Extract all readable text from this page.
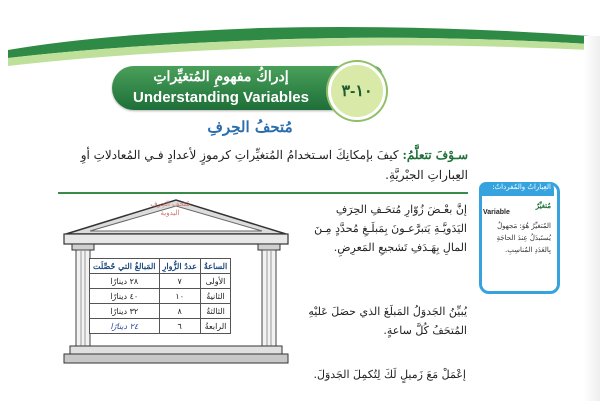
إدراكُ مفهومِ المُتغيِّراتِ
Understanding Variables	١٠-٣
مُتحفُ الحِرفِ
سـوْفَ تتعلَّمُ: كيفَ بإمكانِكَ اسـتخدامُ المُتغيِّراتِ كرموزٍ لأعدادٍ فـي المُعادلاتِ أوِ العِباراتِ الجبْريَّةِ.
مُتحف الحِرف اليدوية
الساعةُ	عددُ الزُّوارِ	المَبالغُ التي حُصِّلَت
الأولى	٧	٢٨ دينارًا
الثانيةُ	١٠	٤٠ دينارًا
الثالثةُ	٨	٣٢ دينارًا
الرابعةُ	٦	٢٤ دينارًا
إنَّ بعْـضَ زُوّارِ مُتحَـفِ الحِرَفِ اليَدَويَّـةِ يَتبرَّعـونَ بِمَبلَـغِ مُحدَّدٍ مِـنَ المالِ بِهَـدَفِ تَشجيعِ المَعرِضِ.
يُبيِّنُ الجَدوَلُ المَبلَغَ الذي حصَلَ عَليْهِ المُتحَفُ كُلَّ ساعةٍ.
إعْمَلْ مَعَ زَميلٍ لَكَ لِتُكمِلَ الجَدوَلَ.
العِباراتُ والمُفرداتُ:
مُتغيِّرٌ
Variable
المُتغيِّرُ هُوَ: مَجهولٌ يُستَبدَلُ عِندَ الحاجَةِ بِالعَدَدِ المُناسِبِ.
